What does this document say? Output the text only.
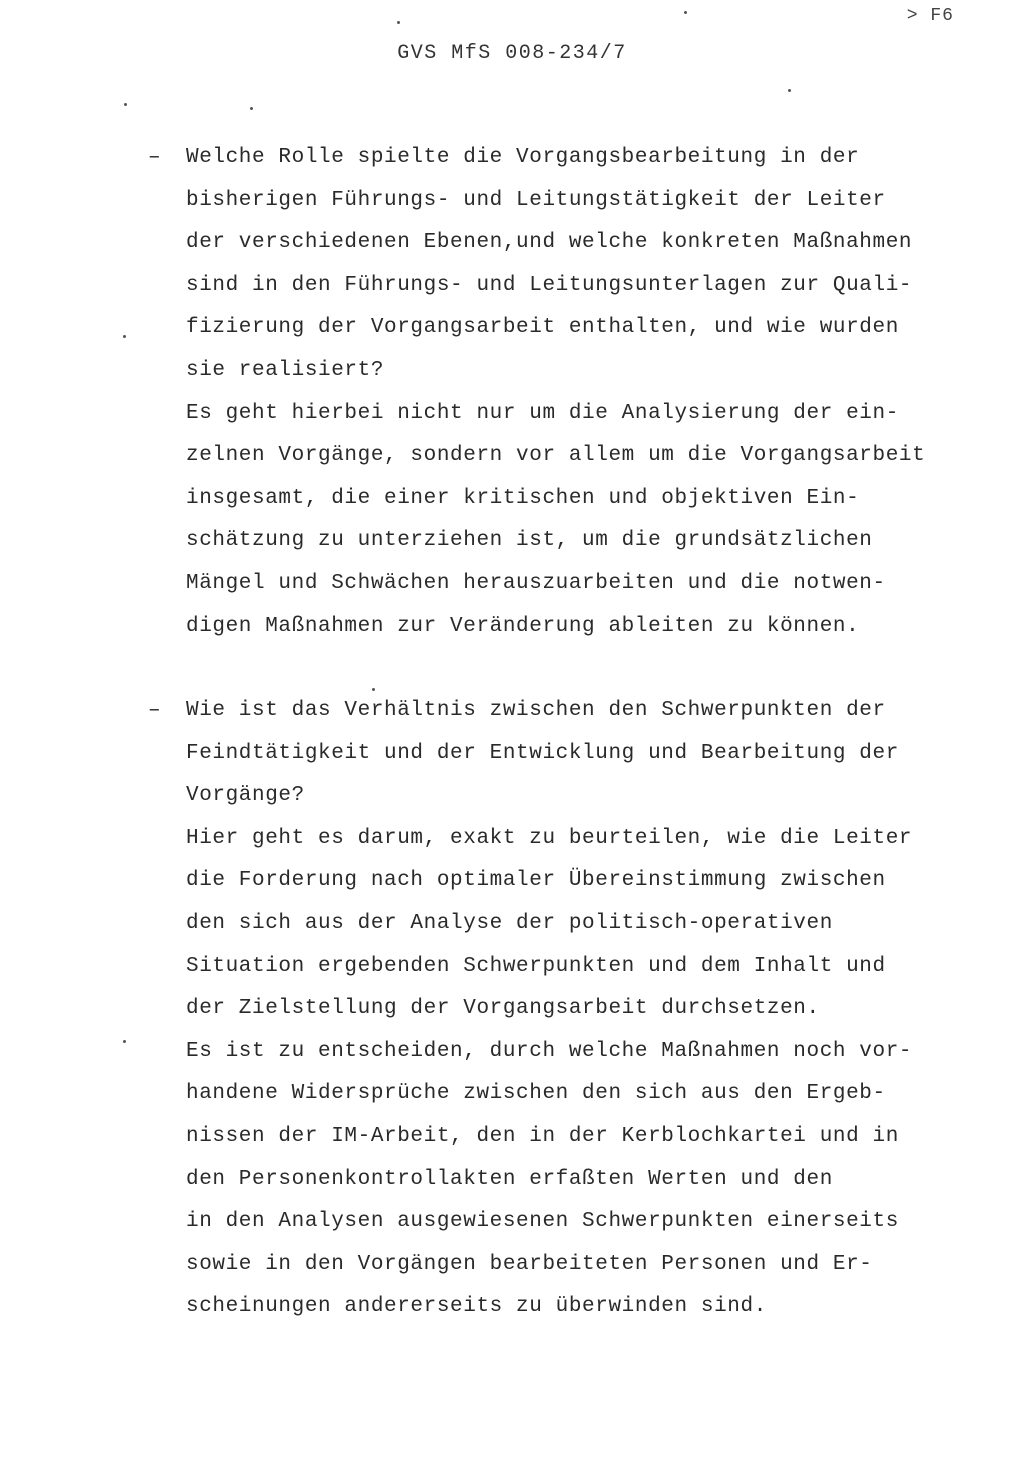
> F6
GVS MfS 008-234/7
–	Welche Rolle spielte die Vorgangsbearbeitung in der
bisherigen Führungs- und Leitungstätigkeit der Leiter
der verschiedenen Ebenen,und welche konkreten Maßnahmen
sind in den Führungs- und Leitungsunterlagen zur Quali-
fizierung der Vorgangsarbeit enthalten, und wie wurden
sie realisiert?
Es geht hierbei nicht nur um die Analysierung der ein-
zelnen Vorgänge, sondern vor allem um die Vorgangsarbeit
insgesamt, die einer kritischen und objektiven Ein-
schätzung zu unterziehen ist, um die grundsätzlichen
Mängel und Schwächen herauszuarbeiten und die notwen-
digen Maßnahmen zur Veränderung ableiten zu können.
–	Wie ist das Verhältnis zwischen den Schwerpunkten der
Feindtätigkeit und der Entwicklung und Bearbeitung der
Vorgänge?
Hier geht es darum, exakt zu beurteilen, wie die Leiter
die Forderung nach optimaler Übereinstimmung zwischen
den sich aus der Analyse der politisch-operativen
Situation ergebenden Schwerpunkten und dem Inhalt und
der Zielstellung der Vorgangsarbeit durchsetzen.
Es ist zu entscheiden, durch welche Maßnahmen noch vor-
handene Widersprüche zwischen den sich aus den Ergeb-
nissen der IM-Arbeit, den in der Kerblochkartei und in
den Personenkontrollakten erfaßten Werten und den
in den Analysen ausgewiesenen Schwerpunkten einerseits
sowie in den Vorgängen bearbeiteten Personen und Er-
scheinungen andererseits zu überwinden sind.
